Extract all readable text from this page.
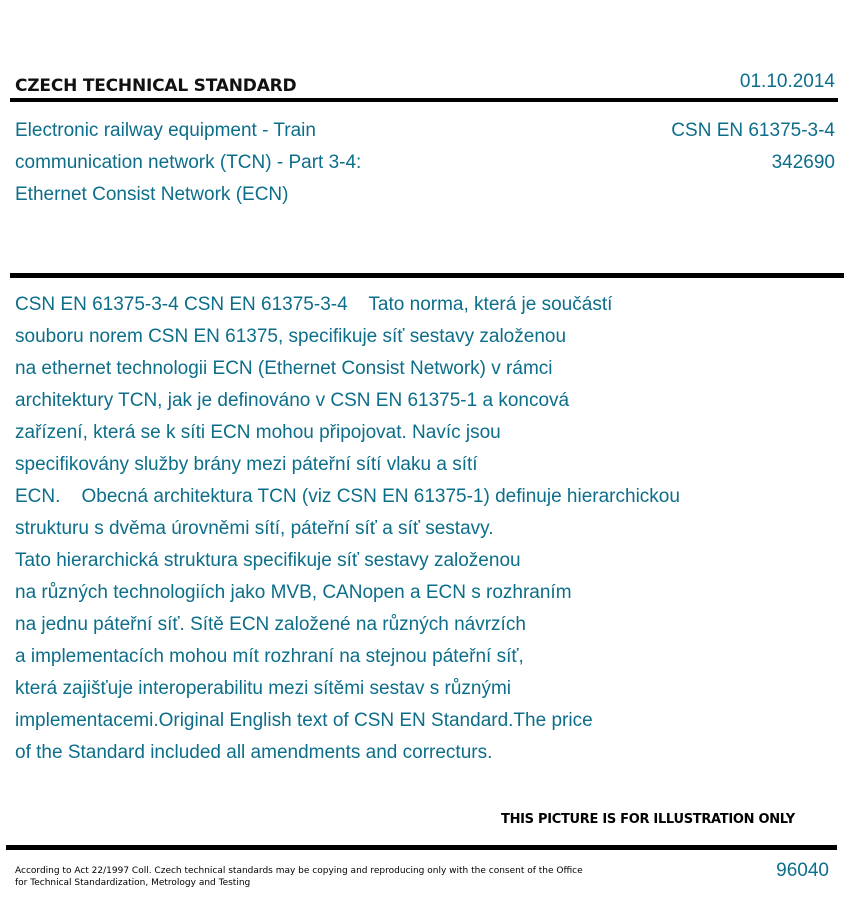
CZECH TECHNICAL STANDARD	01.10.2014
Electronic railway equipment - Train
communication network (TCN) - Part 3-4:
Ethernet Consist Network (ECN)
CSN EN 61375-3-4
342690
CSN EN 61375-3-4 CSN EN 61375-3-4    Tato norma, která je součástí
souboru norem CSN EN 61375, specifikuje síť sestavy založenou
na ethernet technologii ECN (Ethernet Consist Network) v rámci
architektury TCN, jak je definováno v CSN EN 61375-1 a koncová
zařízení, která se k síti ECN mohou připojovat. Navíc jsou
specifikovány služby brány mezi páteřní sítí vlaku a sítí
ECN.    Obecná architektura TCN (viz CSN EN 61375-1) definuje hierarchickou
strukturu s dvěma úrovněmi sítí, páteřní síť a síť sestavy.
Tato hierarchická struktura specifikuje síť sestavy založenou
na různých technologiích jako MVB, CANopen a ECN s rozhraním
na jednu páteřní síť. Sítě ECN založené na různých návrzích
a implementacích mohou mít rozhraní na stejnou páteřní síť,
která zajišťuje interoperabilitu mezi sítěmi sestav s různými
implementacemi.Original English text of CSN EN Standard.The price
of the Standard included all amendments and correcturs.
THIS PICTURE IS FOR ILLUSTRATION ONLY
According to Act 22/1997 Coll. Czech technical standards may be copying and reproducing only with the consent of the Office
for Technical Standardization, Metrology and Testing
96040
